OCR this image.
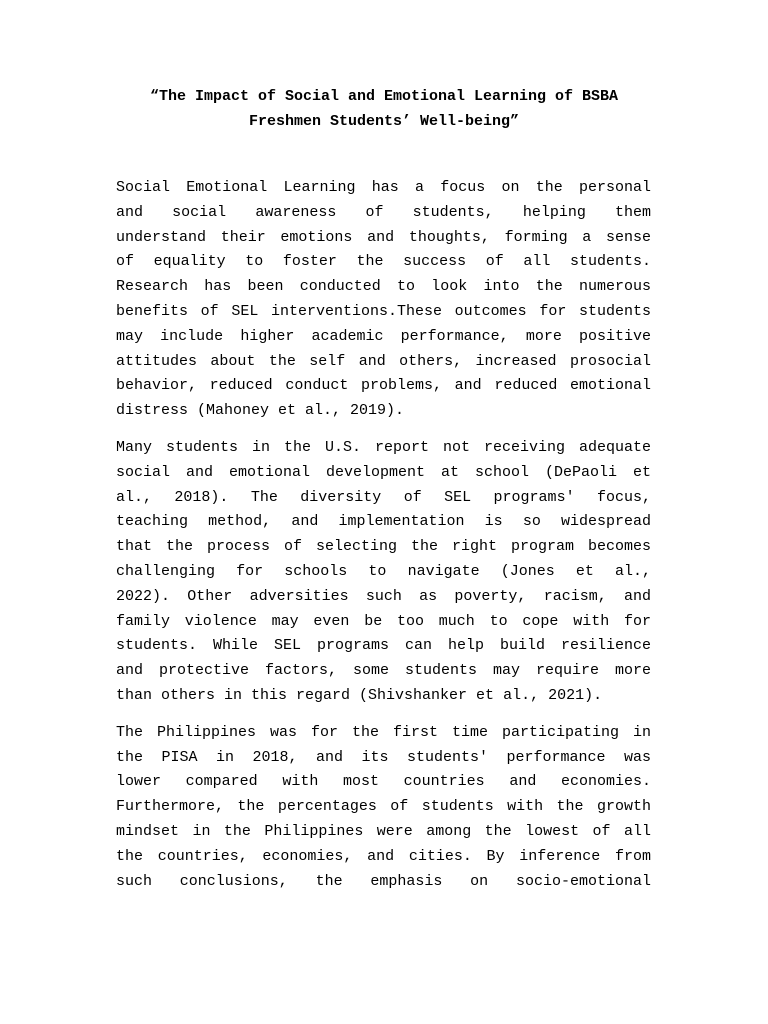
“The Impact of Social and Emotional Learning of BSBA
Freshmen Students’ Well-being”
Social Emotional Learning has a focus on the personal
and social awareness of students, helping them
understand their emotions and thoughts, forming a sense
of equality to foster the success of all students.
Research has been conducted to look into the numerous
benefits of SEL interventions.These outcomes for students
may include higher academic performance, more positive
attitudes about the self and others, increased prosocial
behavior, reduced conduct problems, and reduced emotional
distress (Mahoney et al., 2019).
Many students in the U.S. report not receiving adequate
social and emotional development at school (DePaoli et
al., 2018). The diversity of SEL programs' focus,
teaching method, and implementation is so widespread
that the process of selecting the right program becomes
challenging for schools to navigate (Jones et al.,
2022). Other adversities such as poverty, racism, and
family violence may even be too much to cope with for
students. While SEL programs can help build resilience
and protective factors, some students may require more
than others in this regard (Shivshanker et al., 2021).
The Philippines was for the first time participating in
the PISA in 2018, and its students' performance was
lower compared with most countries and economies.
Furthermore, the percentages of students with the growth
mindset in the Philippines were among the lowest of all
the countries, economies, and cities. By inference from
such conclusions, the emphasis on socio-emotional
